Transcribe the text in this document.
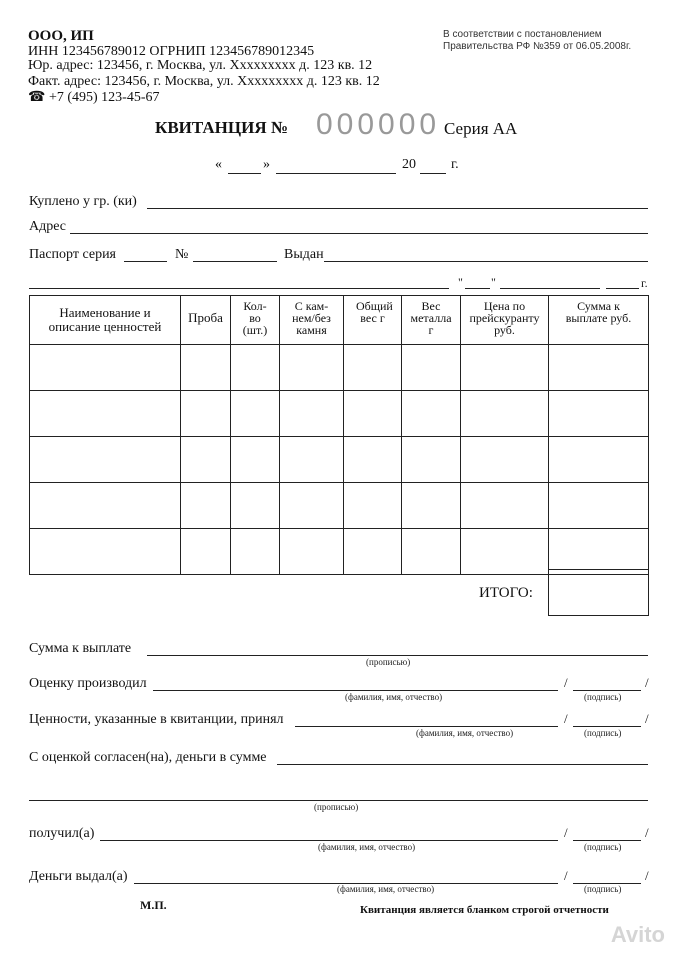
ООО, ИП
ИНН 123456789012 ОГРНИП 123456789012345
Юр. адрес: 123456, г. Москва, ул. Xxxxxxxxx д. 123 кв. 12
Факт. адрес: 123456, г. Москва, ул. Xxxxxxxxx д. 123 кв. 12
☎ +7 (495) 123-45-67
В соответствии с постановлением
Правительства РФ №359 от 06.05.2008г.
КВИТАНЦИЯ № 000000 Серия АА
«	»	20	г.
Куплено у гр. (ки)
Адрес
Паспорт серия	№	Выдан
" "	г.
Наименование и описание ценностей	Проба	Кол-во (шт.)	С кам-нем/без камня	Общий вес г	Вес металла г	Цена по прейскуранту руб.	Сумма к выплате руб.

ИТОГО:
Сумма к выплате
(прописью)
Оценку производил	/	/
(фамилия, имя, отчество)	(подпись)
Ценности, указанные в квитанции, принял	/	/
(фамилия, имя, отчество)	(подпись)
С оценкой согласен(на), деньги в сумме
(прописью)
получил(а)	/	/
(фамилия, имя, отчество)	(подпись)
Деньги выдал(а)	/	/
(фамилия, имя, отчество)	(подпись)
М.П.	Квитанция является бланком строгой отчетности
Avito
